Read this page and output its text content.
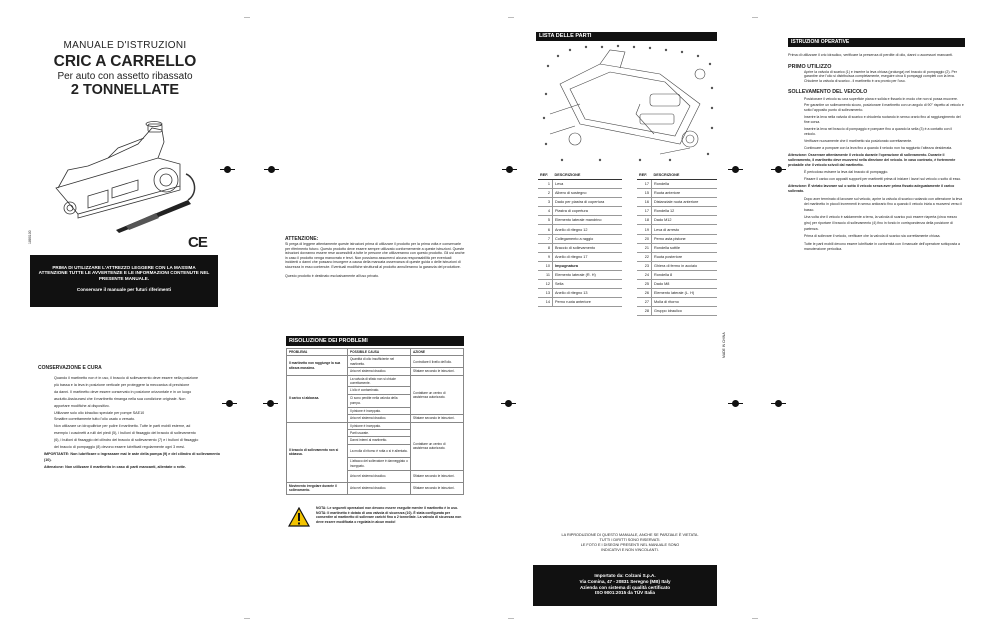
MANUALE D'ISTRUZIONI
CRIC A CARRELLO
Per auto con assetto ribassato
2 TONNELLATE
1880100	CE
PRIMA DI UTILIZZARE L'ATTREZZO LEGGERE CON LA MASSIMA ATTENZIONE TUTTE LE AVVERTENZE E LE INFORMAZIONI CONTENUTE NEL PRESENTE MANUALE.
Conservare il manuale per futuri riferimenti
ATTENZIONE:
Si prega di leggere attentamente queste istruzioni prima di utilizzare il prodotto per la prima volta e conservarle per riferimento futuro. Questo prodotto deve essere sempre utilizzato conformemente a queste istruzioni. Queste istruzioni dovranno essere rese accessibili a tutte le persone che utilizzeranno con questo prodotto. Gli usi anche in caso il prodotto venga manovrato e terzi. Non possiamo assumerci alcuna responsabilità per eventuali incidenti o danni che possano insorgere a causa della mancata osservanza di queste guida o delle istruzioni di sicurezza in esso contenute. Eventuali modifiche strutturali al prodotto annulleranno la garanzia del produttore.
Questo prodotto è destinato esclusivamente all'uso privato.
CONSERVAZIONE E CURA
Quando il martinetto non è in uso, il braccio di sollevamento deve essere nella posizione
più bassa e la leva in posizione verticale per proteggere la meccanica di precisione
da danni. Il martinetto deve essere conservato in posizione orizzontale e in un luogo
asciutto.Assicurarsi che il martinetto rimanga nella sua condizione originale. Non
apportare modifiche al dispositivo.
Utilizzare solo olio idraulico speciale per pompe SAE10
Smaltire correttamente tutto l'olio usato o versato.
Non utilizzare un idropulitrice per pulire il martinetto. Tutte le parti mobili esterne, ad
esempio i cuscinetti a rulli dei piedi (5), i bulloni di fissaggio del braccio di sollevamento
(6), i bulloni di fissaggio del cilindro del braccio di sollevamento (7) e i bulloni di fissaggio
del braccio di pompaggio (8) devono essere lubrificati regolarmente ogni 3 mesi.
IMPORTANTE: Non lubrificare o ingrassare mai le aste della pompa (9) e del cilindro di sollevamento (10).
Attenzione: Non utilizzare il martinetto in caso di parti mancanti, allentate o rotte.
RISOLUZIONE DEI PROBLEMI
PROBLEMA	POSSIBILE CAUSA	AZIONE
Il martinetto non raggiunge la sua altezza massima.	Quantità di olio insufficiente nel martinetto.	Controllare il livello dell'olio.
	Aria nel sistema idraulico.	Sfiatare secondo le istruzioni.
Il carico si abbassa.	La valvola di sfiato non si chiude correttamente.	Contattare un centro di assistenza autorizzato.
	L'olio è contaminato.	
	Ci sono perdite nella valvola della pompa.	
	Il pistone è inceppato.	
	Aria nel sistema idraulico.	Sfiatare secondo le istruzioni.
Il braccio di sollevamento non si abbassa.	Il pistone è inceppato.	Contattare un centro di assistenza autorizzato.
	Parti usurate.	
	Danni interni al martinetto.	
	La molla di ritorno è rotta o si è allentata.	
	L'attacco del sollevatore è danneggiato o inceppato.	
	Aria nel sistema idraulico.	Sfiatare secondo le istruzioni.
Movimento irregolare durante il sollevamento.	Aria nel sistema idraulico.	Sfiatare secondo le istruzioni.
NOTA: Le seguenti operazioni non devono essere eseguite mentre il martinetto è in uso.
NOTA: Il martinetto è dotato di una valvola di sicurezza (10). È stata configurata per consentire al martinetto di sollevare carichi fino a 2 tonnellate. La valvola di sicurezza non deve essere modificata o regolata in alcun modo!
LISTA DELLE PARTI
REF.	DESCRIZIONE
1	Leva
2	Albero di sostegno
3	Dado per piastra di copertura
4	Piastra di copertura
5	Elemento laterale mandrino
6	Anello di ritegno 12
7	Collegamento a raggio
8	Braccio di sollevamento
9	Anello di ritegno 17
10	Impugnatura
11	Elemento laterale (R. H)
12	Sella
13	Anello di ritegno 13
14	Perno ruota anteriore
REF.	DESCRIZIONE
17	Rondella
15	Ruota anteriore
16	Distanziale ruota anteriore
17	Rondella 12
18	Dado M12
19	Leva di arresto
20	Perno asta pistone
21	Rondella sottile
22	Ruota posteriore
23	Ghiera di fermo in acciaio
24	Rondella 8
25	Dado M8
26	Elemento laterale (L. H)
27	Molla di ritorno
28	Gruppo idraulico
LA RIPRODUZIONE DI QUESTO MANUALE, ANCHE SE PARZIALE È VIETATA.
TUTTI I DIRITTI SONO RISERVATI.
LE FOTO E I DISEGNI PRESENTI NEL MANUALE SONO
INDICATIVI E NON VINCOLANTI.
Importato da: Colzani S.p.A.
Via Comina, 47 - 20831 Seregno (MB) Italy
Azienda con sistema di qualità certificato
ISO 9001:2015 da TÜV Italia
MADE IN CHINA
ISTRUZIONI OPERATIVE
Prima di utilizzare il cric idraulico, verificare la presenza di perdite di olio, danni o accessori mancanti.
PRIMO UTILIZZO
Aprire la valvola di scarico (1) e inserire la leva chiusa (prolunga) nel braccio di pompaggio (2). Per garantire che l'olio si distribuisca completamente, eseguire circa 6 pompaggi completi con la leva.
Chiudere la valvola di scarico - il martinetto è ora pronto per l'uso.
SOLLEVAMENTO DEL VEICOLO
Posizionare il veicolo su una superficie piana e solida e fissarlo in modo che non si possa muovere.
Per garantire un sollevamento sicuro, posizionare il martinetto con un angolo di 90° rispetto al veicolo e sotto l'apposito punto di sollevamento.
Inserire la leva nella valvola di scarico e chiuderla ruotando in senso orario fino al raggiungimento del fine corsa.
Inserire la leva nel braccio di pompaggio e pompare fino a quando la sella (3) è a contatto con il veicolo.
Verificare nuovamente che il martinetto sia posizionato correttamente.
Continuare a pompare con la leva fino a quando il veicolo non ha raggiunto l'altezza desiderata.
Attenzione: Osservare attentamente il veicolo durante l'operazione di sollevamento. Durante il sollevamento, il martinetto deve muoversi nella direzione del veicolo. In caso contrario, è fortemente probabile che il veicolo scivoli dal martinetto.
È pericoloso estrarre la leva dal braccio di pompaggio.
Fissare il carico con appositi supporti per martinetti prima di iniziare i lavori sul veicolo o sotto di esso.
Attenzione: È vietato lavorare sul o sotto il veicolo senza aver prima fissato adeguatamente il carico sollevato.
Dopo aver terminato di lavorare sul veicolo, aprire la valvola di scarico ruotando con attenzione la leva del martinetto in piccoli incrementi in senso antiorario fino a quando il veicolo inizia a muoversi verso il basso.
Una volta che il veicolo è saldamente a terra, la valvola di scarico può essere riaperta (circa mezzo giro) per riportare il braccio di sollevamento (4) fino in fondo in corrispondenza della posizione di partenza.
Prima di sollevare il veicolo, verificare che la valvola di scarico sia correttamente chiusa.
Tutte le parti mobili devono essere lubrificate in conformità con il manuale dell'operatore sottoposta a manutenzione periodica.
